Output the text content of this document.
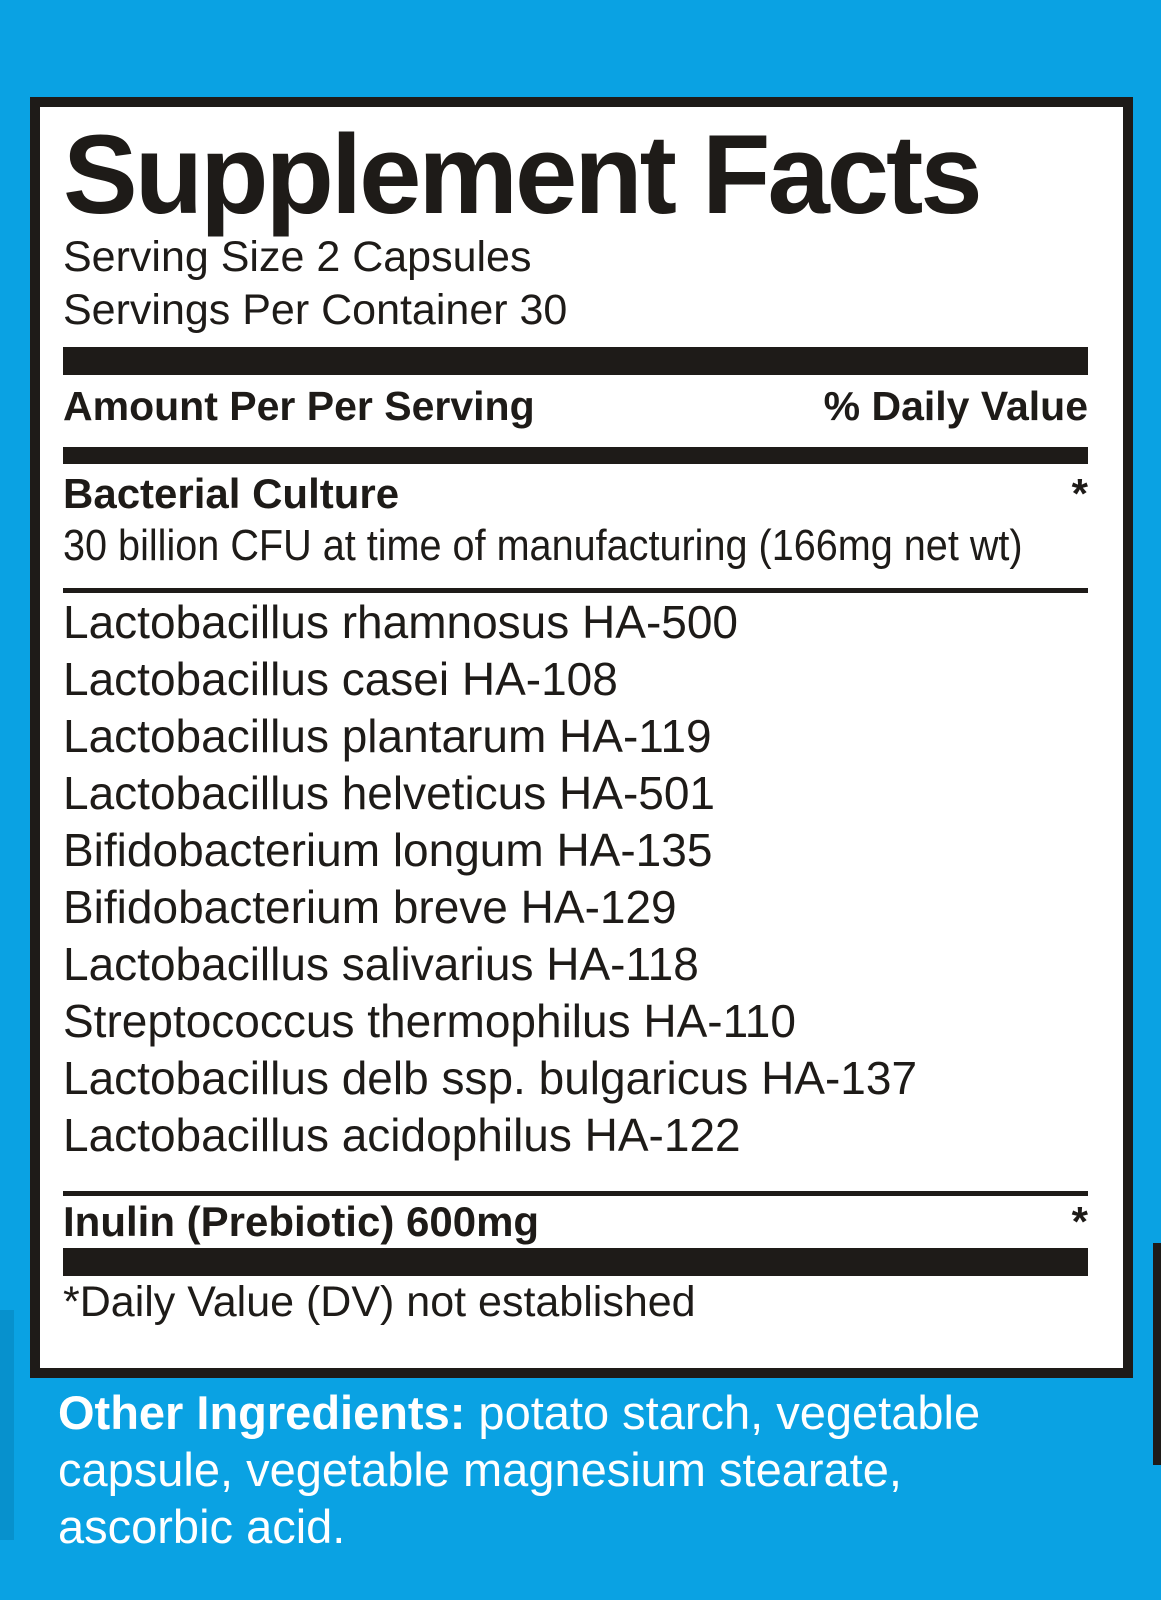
Supplement Facts
Serving Size 2 Capsules
Servings Per Container 30
Amount Per Per Serving	% Daily Value
Bacterial Culture	*
30 billion CFU at time of manufacturing (166mg net wt)
Lactobacillus rhamnosus HA-500
Lactobacillus casei HA-108
Lactobacillus plantarum HA-119
Lactobacillus helveticus HA-501
Bifidobacterium longum HA-135
Bifidobacterium breve HA-129
Lactobacillus salivarius HA-118
Streptococcus thermophilus HA-110
Lactobacillus delb ssp. bulgaricus HA-137
Lactobacillus acidophilus HA-122
Inulin (Prebiotic) 600mg	*
*Daily Value (DV) not established
Other Ingredients: potato starch, vegetable
capsule, vegetable magnesium stearate,
ascorbic acid.
